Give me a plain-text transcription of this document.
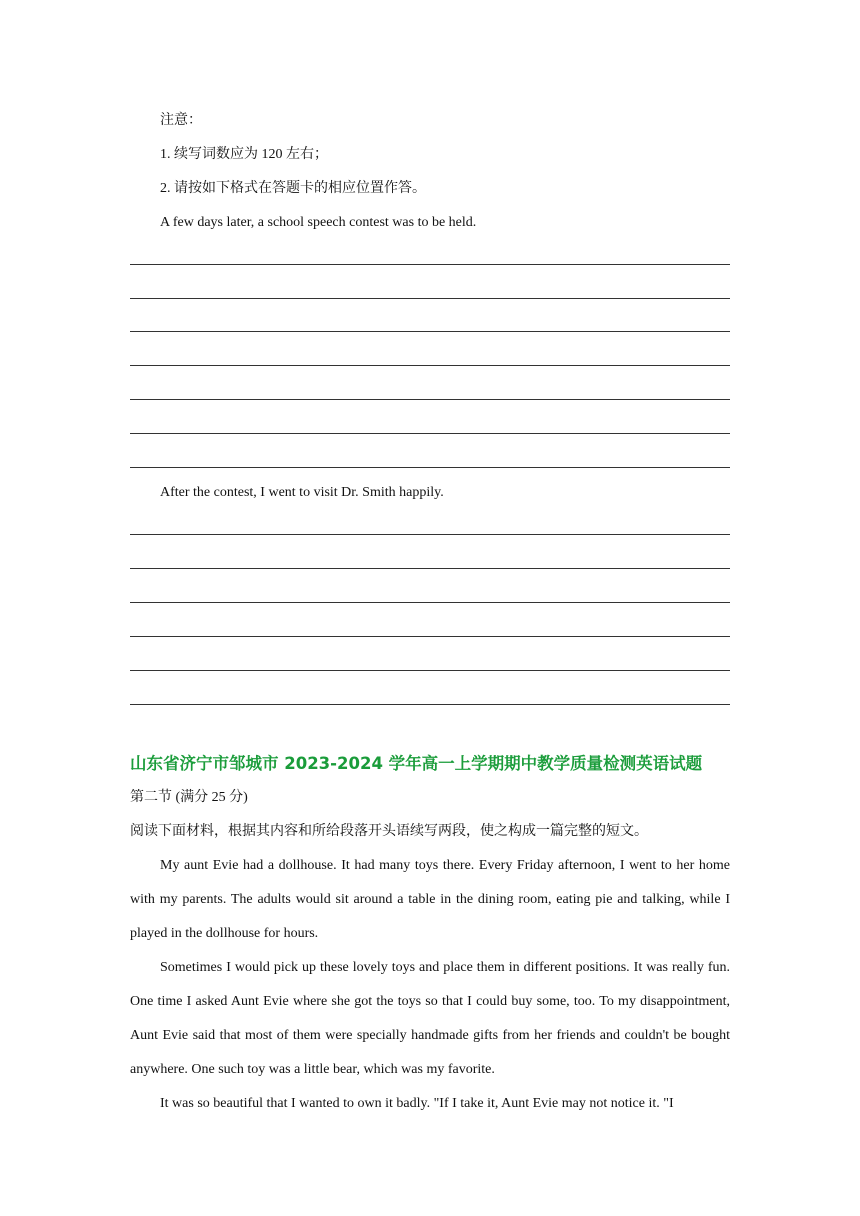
注意：
1. 续写词数应为 120 左右；
2. 请按如下格式在答题卡的相应位置作答。
A few days later, a school speech contest was to be held.
After the contest, I went to visit Dr. Smith happily.
山东省济宁市邹城市 2023-2024 学年高一上学期期中教学质量检测英语试题
第二节 (满分 25 分)
阅读下面材料，根据其内容和所给段落开头语续写两段，使之构成一篇完整的短文。
My aunt Evie had a dollhouse. It had many toys there. Every Friday afternoon, I went to her home with my parents. The adults would sit around a table in the dining room, eating pie and talking, while I played in the dollhouse for hours.
Sometimes I would pick up these lovely toys and place them in different positions. It was really fun. One time I asked Aunt Evie where she got the toys so that I could buy some, too. To my disappointment, Aunt Evie said that most of them were specially handmade gifts from her friends and couldn't be bought anywhere. One such toy was a little bear, which was my favorite.
It was so beautiful that I wanted to own it badly. "If I take it, Aunt Evie may not notice it. "I
